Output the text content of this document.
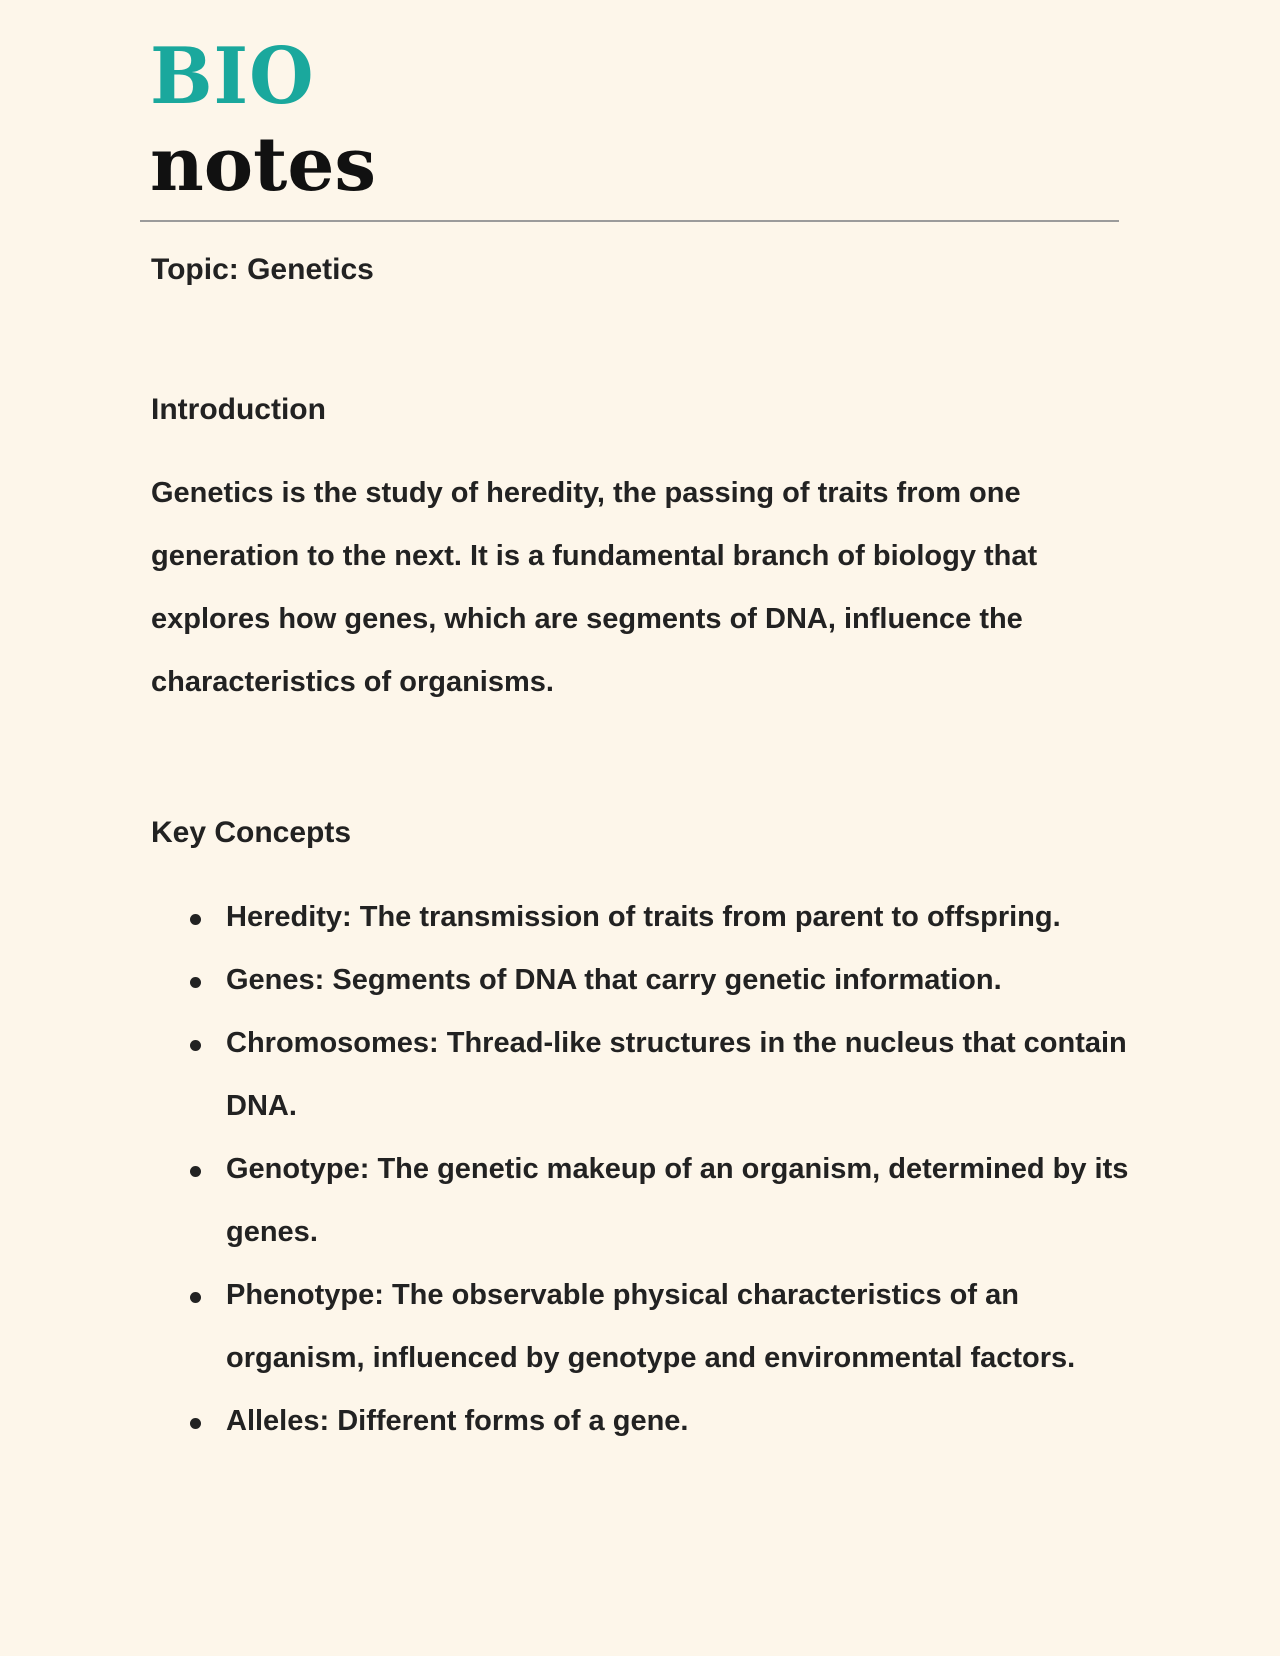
BIO
notes
Topic: Genetics
Introduction

Genetics is the study of heredity, the passing of traits from one generation to the next. It is a fundamental branch of biology that explores how genes, which are segments of DNA, influence the characteristics of organisms.

Key Concepts
Heredity: The transmission of traits from parent to offspring.
Genes: Segments of DNA that carry genetic information.
Chromosomes: Thread-like structures in the nucleus that contain DNA.
Genotype: The genetic makeup of an organism, determined by its genes.
Phenotype: The observable physical characteristics of an organism, influenced by genotype and environmental factors.
Alleles: Different forms of a gene.
